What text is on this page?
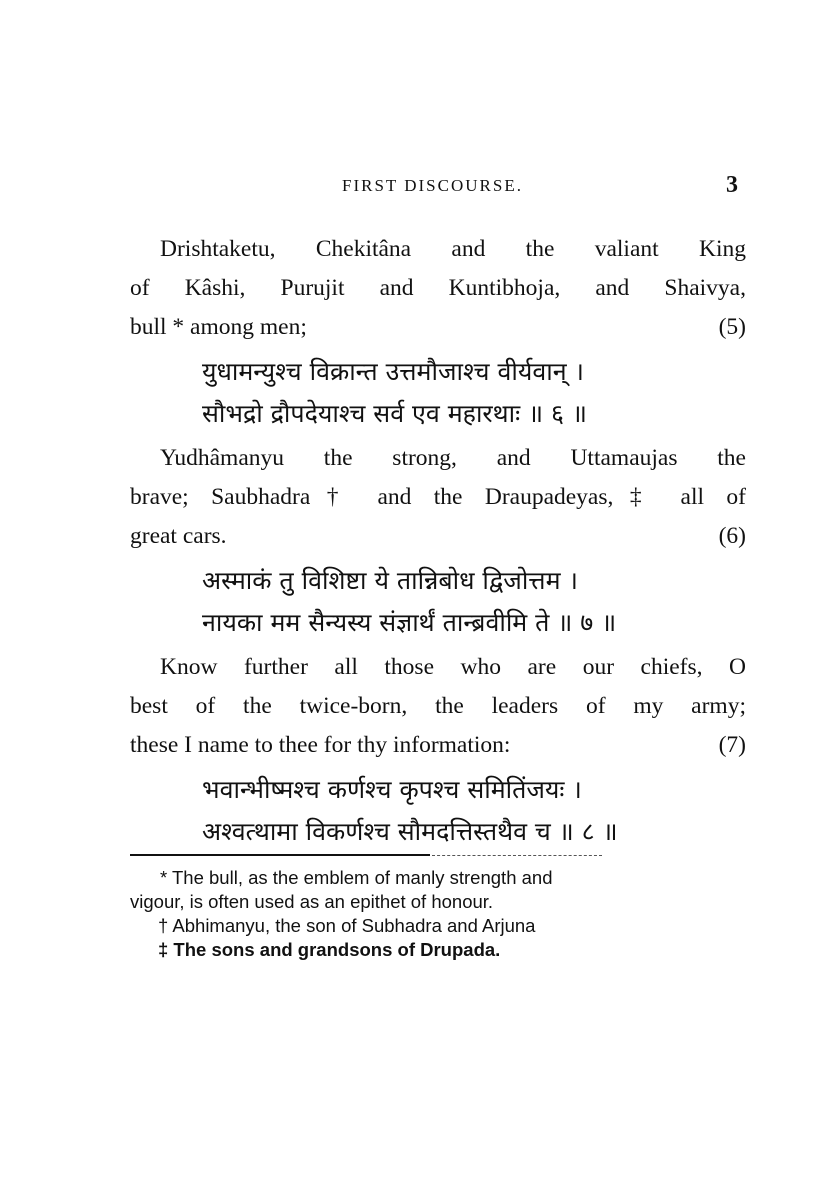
FIRST DISCOURSE.	3

Drishtaketu, Chekitâna and the valiant King
of Kâshi, Purujit and Kuntibhoja, and Shaivya,
bull * among men;	(5)

युधामन्युश्च विक्रान्त उत्तमौजाश्च वीर्यवान् ।
सौभद्रो द्रौपदेयाश्च सर्व एव महारथाः ॥ ६ ॥

Yudhâmanyu the strong, and Uttamaujas the
brave; Saubhadra† and the Draupadeyas,‡ all of
great cars.	(6)

अस्माकं तु विशिष्टा ये तान्निबोध द्विजोत्तम ।
नायका मम सैन्यस्य संज्ञार्थं तान्ब्रवीमि ते ॥ ७ ॥

Know further all those who are our chiefs, O
best of the twice-born, the leaders of my army;
these I name to thee for thy information:	(7)

भवान्भीष्मश्च कर्णश्च कृपश्च समितिंजयः ।
अश्वत्थामा विकर्णश्च सौमदत्तिस्तथैव च ॥ ८ ॥

* The bull, as the emblem of manly strength and
vigour, is often used as an epithet of honour.
† Abhimanyu, the son of Subhadra and Arjuna
‡ The sons and grandsons of Drupada.
